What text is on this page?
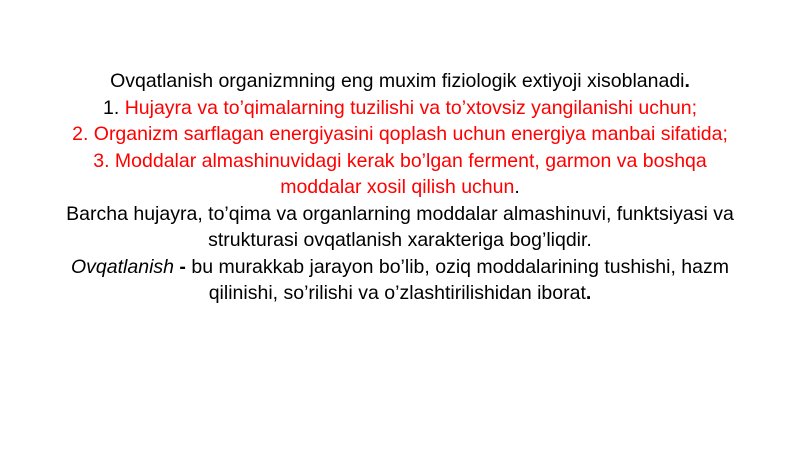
Ovqatlanish organizmning eng muxim fiziologik extiyoji xisoblanadi.

1. Hujayra va to’qimalarning tuzilishi va to’xtovsiz yangilanishi uchun;

2. Organizm sarflagan energiyasini qoplash uchun energiya manbai sifatida;

3. Moddalar almashinuvidagi kerak bo’lgan ferment, garmon va boshqa moddalar xosil qilish uchun.

Barcha hujayra, to’qima va organlarning moddalar almashinuvi, funktsiyasi va strukturasi ovqatlanish xarakteriga bog’liqdir.

Ovqatlanish - bu murakkab jarayon bo’lib, oziq moddalarining tushishi, hazm qilinishi, so’rilishi va o’zlashtirilishidan iborat.
